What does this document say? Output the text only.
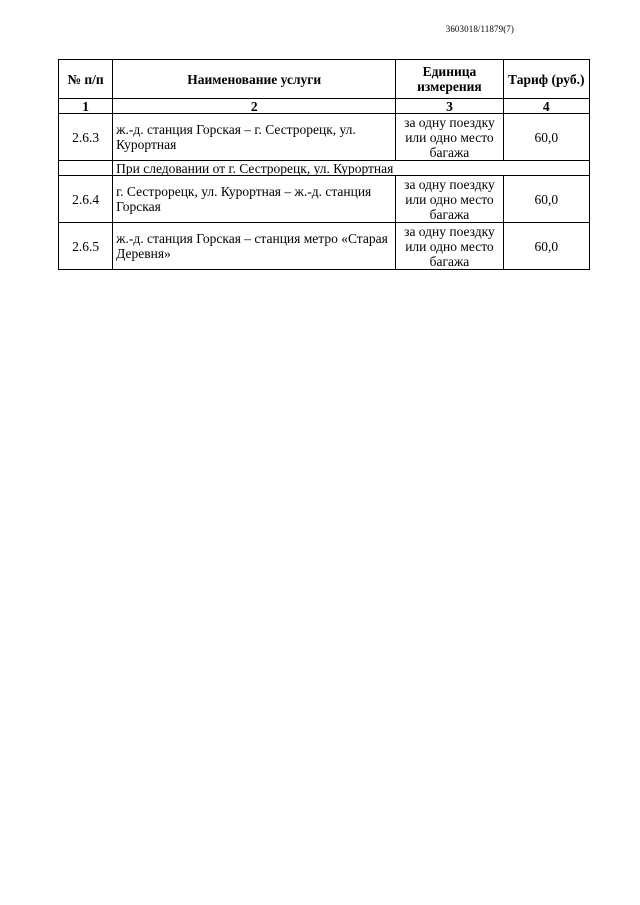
3603018/11879(7)
№ п/п	Наименование услуги	Единица измерения	Тариф (руб.)
1	2	3	4
2.6.3	ж.-д. станция Горская – г. Сестрорецк, ул. Курортная	за одну поездку или одно место багажа	60,0
	При следовании от г. Сестрорецк, ул. Курортная		
2.6.4	г. Сестрорецк, ул. Курортная – ж.-д. станция Горская	за одну поездку или одно место багажа	60,0
2.6.5	ж.-д. станция Горская – станция метро «Старая Деревня»	за одну поездку или одно место багажа	60,0
